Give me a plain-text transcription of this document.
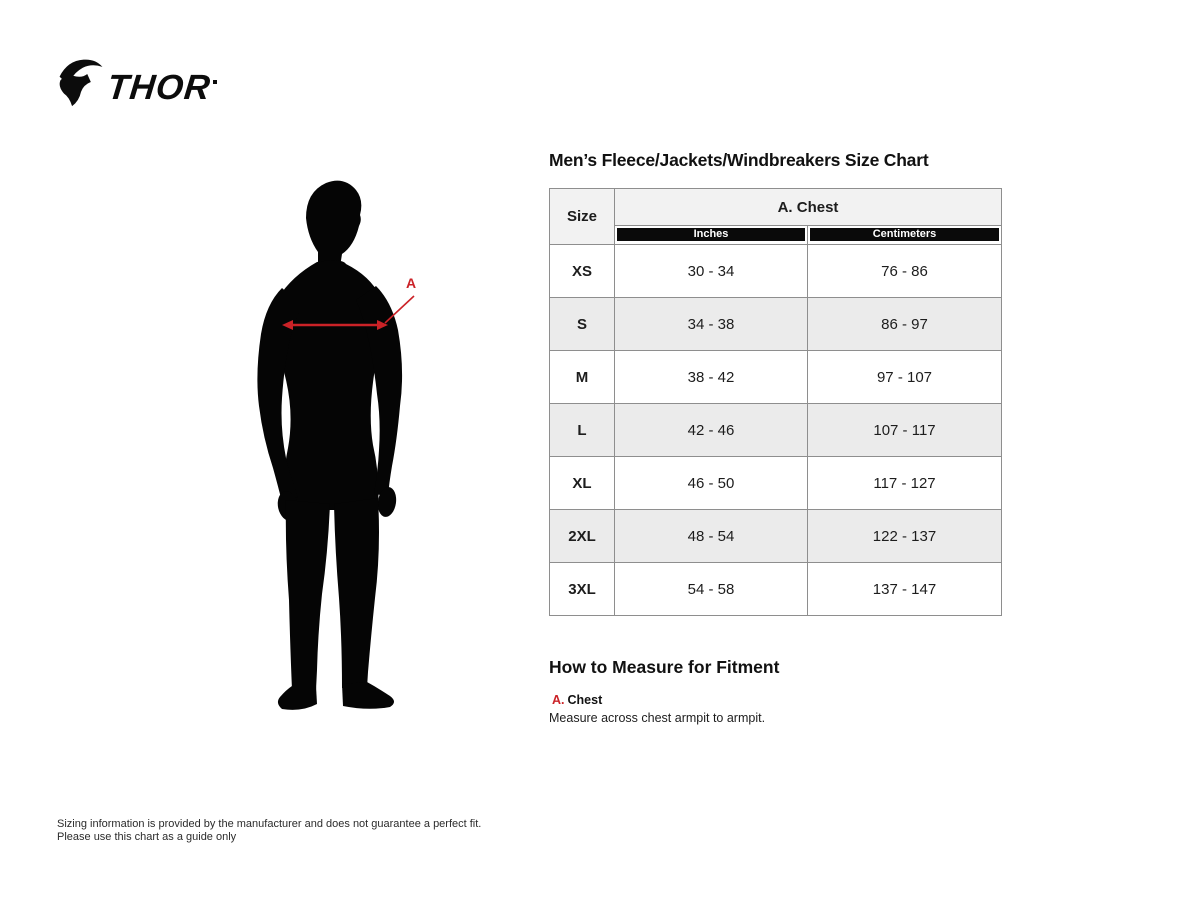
THOR
A
Men’s Fleece/Jackets/Windbreakers Size Chart
Size	A. Chest	

	Inches	Centimeters

XS	30 - 34	76 - 86
S	34 - 38	86 - 97
M	38 - 42	97 - 107
L	42 - 46	107 - 117
XL	46 - 50	117 - 127
2XL	48 - 54	122 - 137
3XL	54 - 58	137 - 147
How to Measure for Fitment
A. Chest
Measure across chest armpit to armpit.
Sizing information is provided by the manufacturer and does not guarantee a perfect fit.
Please use this chart as a guide only
